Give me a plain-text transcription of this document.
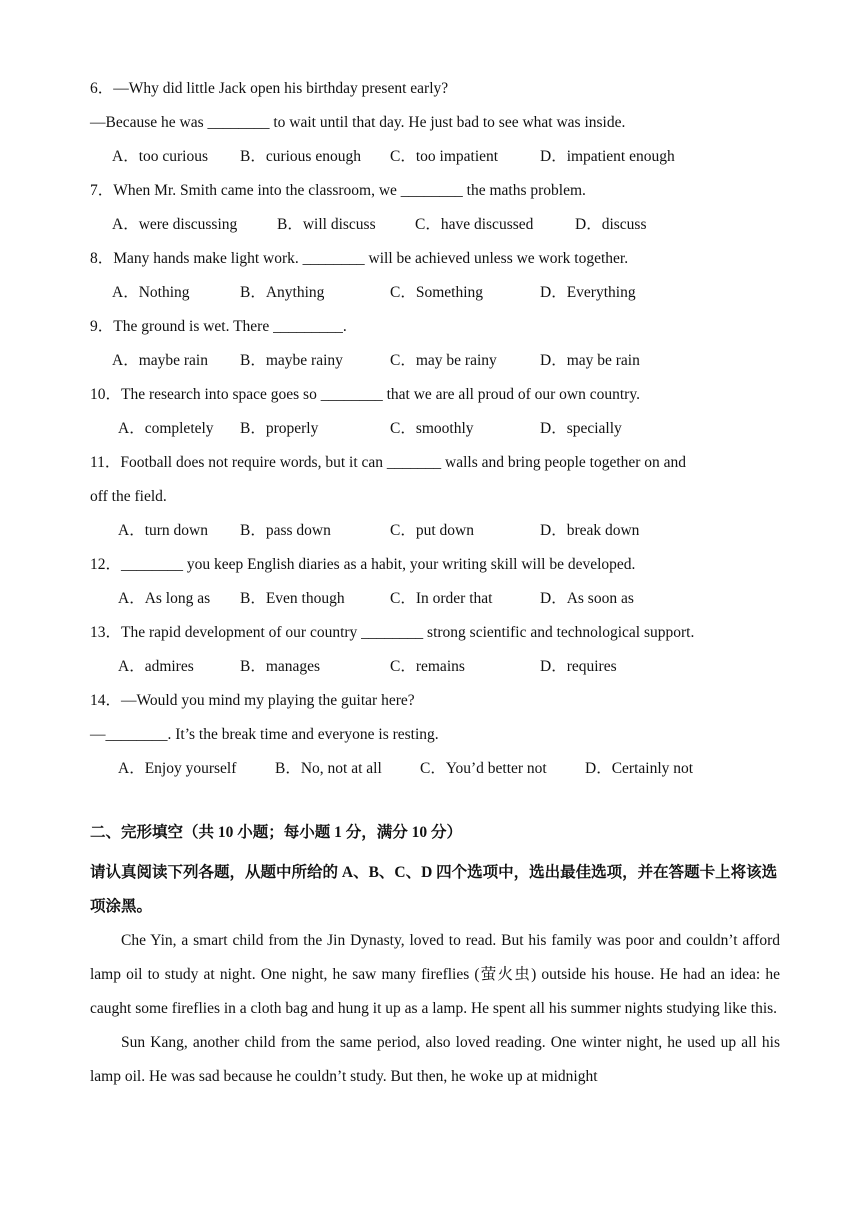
6．—Why did little Jack open his birthday present early?
—Because he was ________ to wait until that day. He just bad to see what was inside.

A．too curious

B．curious enough

C．too impatient

	D．impatient enough

7．When Mr. Smith came into the classroom, we ________ the maths problem.

A．were discussing

	B．will discuss

	C．have discussed

	D．discuss

8．Many hands make light work. ________ will be achieved unless we work together.

A．Nothing

	B．Anything

	C．Something

	D．Everything

9．The ground is wet. There _________.

A．maybe rain

B．maybe rainy

	C．may be rainy

	D．may be rain

10．The research into space goes so ________ that we are all proud of our own country.

A．completely

B．properly

	C．smoothly

	D．specially

11．Football does not require words, but it can _______ walls and bring people together on and
off the field.

A．turn down

B．pass down

	C．put down

	D．break down

12．________ you keep English diaries as a habit, your writing skill will be developed.

A．As long as

B．Even though

	C．In order that

	D．As soon as

13．The rapid development of our country ________ strong scientific and technological support.

A．admires

	B．manages

	C．remains

	D．requires

14．—Would you mind my playing the guitar here?
—________. It’s the break time and everyone is resting.

A．Enjoy yourself

B．No, not at all

C．You’d better not

D．Certainly not

二、完形填空（共 10 小题；每小题 1 分，满分 10 分）
请认真阅读下列各题，从题中所给的 A、B、C、D 四个选项中，选出最佳选项，并在答题卡上将该选项涂黑。
Che Yin, a smart child from the Jin Dynasty, loved to read. But his family was poor and couldn’t afford lamp oil to study at night. One night, he saw many fireflies (萤火虫) outside his house. He had an idea: he caught some fireflies in a cloth bag and hung it up as a lamp. He spent all his summer nights studying like this.
Sun Kang, another child from the same period, also loved reading. One winter night, he used up all his lamp oil. He was sad because he couldn’t study. But then, he woke up at midnight
